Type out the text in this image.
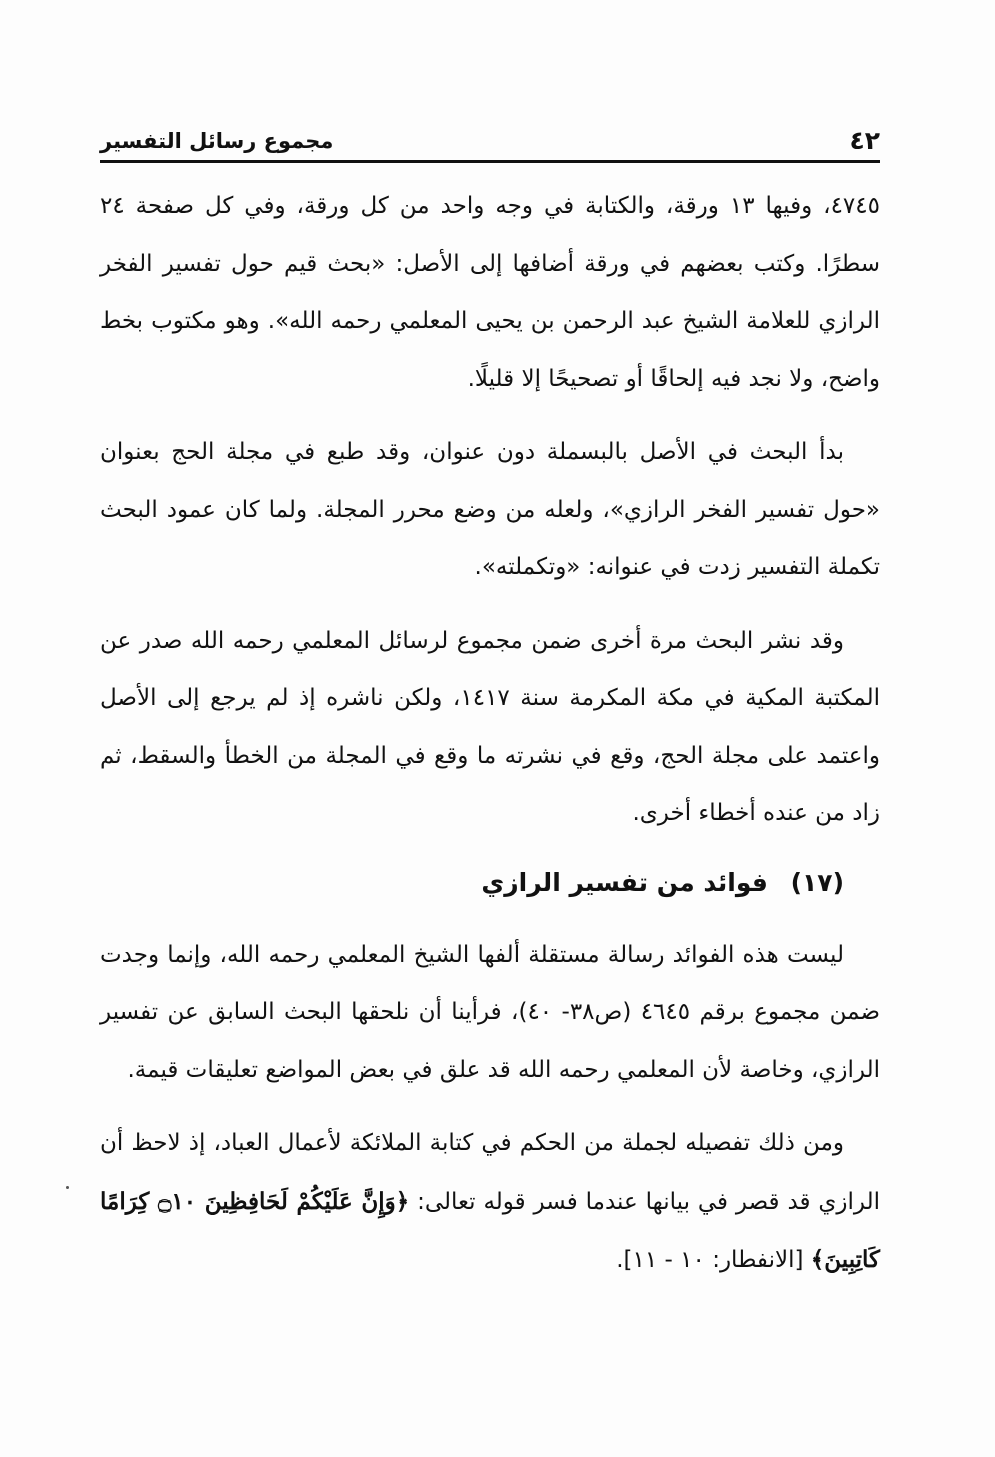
٤٢
مجموع رسائل التفسير

٤٧٤٥، وفيها ١٣ ورقة، والكتابة في وجه واحد من كل ورقة، وفي كل صفحة ٢٤ سطرًا. وكتب بعضهم في ورقة أضافها إلى الأصل: «بحث قيم حول تفسير الفخر الرازي للعلامة الشيخ عبد الرحمن بن يحيى المعلمي رحمه الله». وهو مكتوب بخط واضح، ولا نجد فيه إلحاقًا أو تصحيحًا إلا قليلًا.

بدأ البحث في الأصل بالبسملة دون عنوان، وقد طبع في مجلة الحج بعنوان «حول تفسير الفخر الرازي»، ولعله من وضع محرر المجلة. ولما كان عمود البحث تكملة التفسير زدت في عنوانه: «وتكملته».

وقد نشر البحث مرة أخرى ضمن مجموع لرسائل المعلمي رحمه الله صدر عن المكتبة المكية في مكة المكرمة سنة ١٤١٧، ولكن ناشره إذ لم يرجع إلى الأصل واعتمد على مجلة الحج، وقع في نشرته ما وقع في المجلة من الخطأ والسقط، ثم زاد من عنده أخطاء أخرى.

(١٧) فوائد من تفسير الرازي

ليست هذه الفوائد رسالة مستقلة ألفها الشيخ المعلمي رحمه الله، وإنما وجدت ضمن مجموع برقم ٤٦٤٥ (ص٣٨- ٤٠)، فرأينا أن نلحقها البحث السابق عن تفسير الرازي، وخاصة لأن المعلمي رحمه الله قد علق في بعض المواضع تعليقات قيمة.

ومن ذلك تفصيله لجملة من الحكم في كتابة الملائكة لأعمال العباد، إذ لاحظ أن الرازي قد قصر في بيانها عندما فسر قوله تعالى: ﴿وَإِنَّ عَلَيْكُمْ لَحَافِظِينَ ۝١٠ كِرَامًا كَاتِبِينَ﴾ [الانفطار: ١٠ - ١١].
